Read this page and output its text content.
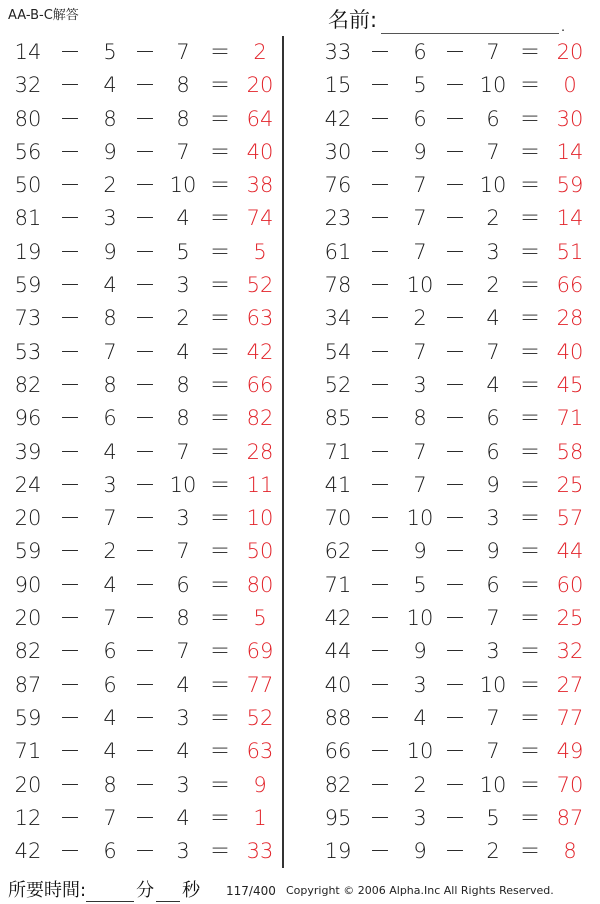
AA-B-C解答	名前:	.
14 －	5 － 7 ＝	2
32 －	4 － 8 ＝ 20
80 －	8 － 8 ＝ 64
56 －	9 － 7 ＝ 40
50 －	2 － 10 ＝ 38
81 －	3 － 4 ＝ 74
19 －	9 － 5 ＝	5
59 －	4 － 3 ＝ 52
73 －	8 － 2 ＝ 63
53 －	7 － 4 ＝ 42
82 －	8 － 8 ＝ 66
96 －	6 － 8 ＝ 82
39 －	4 － 7 ＝ 28
24 －	3 － 10 ＝ 11
20 －	7 － 3 ＝ 10
59 －	2 － 7 ＝ 50
90 －	4 － 6 ＝ 80
20 －	7 － 8 ＝	5
82 －	6 － 7 ＝ 69
87 －	6 － 4 ＝ 77
59 －	4 － 3 ＝ 52
71 －	4 － 4 ＝ 63
20 －	8 － 3 ＝	9
12 －	7 － 4 ＝	1
42 －	6 － 3 ＝ 33
33 －	6 － 7 ＝ 20
15 －	5 － 10 ＝	0
42 －	6 － 6 ＝ 30
30 －	9 － 7 ＝ 14
76 －	7 － 10 ＝ 59
23 －	7 － 2 ＝ 14
61 －	7 － 3 ＝ 51
78 － 10 － 2 ＝ 66
34 －	2 － 4 ＝ 28
54 －	7 － 7 ＝ 40
52 －	3 － 4 ＝ 45
85 －	8 － 6 ＝ 71
71 －	7 － 6 ＝ 58
41 －	7 － 9 ＝ 25
70 － 10 － 3 ＝ 57
62 －	9 － 9 ＝ 44
71 －	5 － 6 ＝ 60
42 － 10 － 7 ＝ 25
44 －	9 － 3 ＝ 32
40 －	3 － 10 ＝ 27
88 －	4 － 7 ＝ 77
66 － 10 － 7 ＝ 49
82 －	2 － 10 ＝ 70
95 －	3 － 5 ＝ 87
19 －	9 － 2 ＝	8
所要時間:	分 秒 117/400 Copyright © 2006 Alpha.Inc All Rights Reserved.
